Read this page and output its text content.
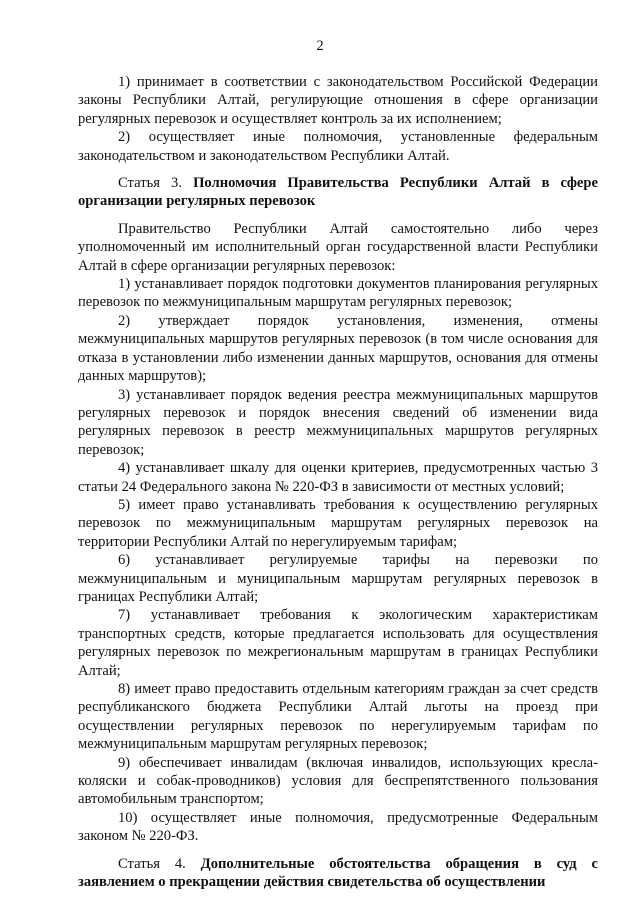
2

1) принимает в соответствии с законодательством Российской Федерации законы Республики Алтай, регулирующие отношения в сфере организации регулярных перевозок и осуществляет контроль за их исполнением;

2) осуществляет иные полномочия, установленные федеральным законодательством и законодательством Республики Алтай.

Статья 3. Полномочия Правительства Республики Алтай в сфере организации регулярных перевозок

Правительство Республики Алтай самостоятельно либо через уполномоченный им исполнительный орган государственной власти Республики Алтай в сфере организации регулярных перевозок:

1) устанавливает порядок подготовки документов планирования регулярных перевозок по межмуниципальным маршрутам регулярных перевозок;

2) утверждает порядок установления, изменения, отмены межмуниципальных маршрутов регулярных перевозок (в том числе основания для отказа в установлении либо изменении данных маршрутов, основания для отмены данных маршрутов);

3) устанавливает порядок ведения реестра межмуниципальных маршрутов регулярных перевозок и порядок внесения сведений об изменении вида регулярных перевозок в реестр межмуниципальных маршрутов регулярных перевозок;

4) устанавливает шкалу для оценки критериев, предусмотренных частью 3 статьи 24 Федерального закона № 220-ФЗ в зависимости от местных условий;

5) имеет право устанавливать требования к осуществлению регулярных перевозок по межмуниципальным маршрутам регулярных перевозок на территории Республики Алтай по нерегулируемым тарифам;

6) устанавливает регулируемые тарифы на перевозки по межмуниципальным и муниципальным маршрутам регулярных перевозок в границах Республики Алтай;

7) устанавливает требования к экологическим характеристикам транспортных средств, которые предлагается использовать для осуществления регулярных перевозок по межрегиональным маршрутам в границах Республики Алтай;

8) имеет право предоставить отдельным категориям граждан за счет средств республиканского бюджета Республики Алтай льготы на проезд при осуществлении регулярных перевозок по нерегулируемым тарифам по межмуниципальным маршрутам регулярных перевозок;

9) обеспечивает инвалидам (включая инвалидов, использующих кресла-коляски и собак-проводников) условия для беспрепятственного пользования автомобильным транспортом;

10) осуществляет иные полномочия, предусмотренные Федеральным законом № 220-ФЗ.

Статья 4. Дополнительные обстоятельства обращения в суд с заявлением о прекращении действия свидетельства об осуществлении
